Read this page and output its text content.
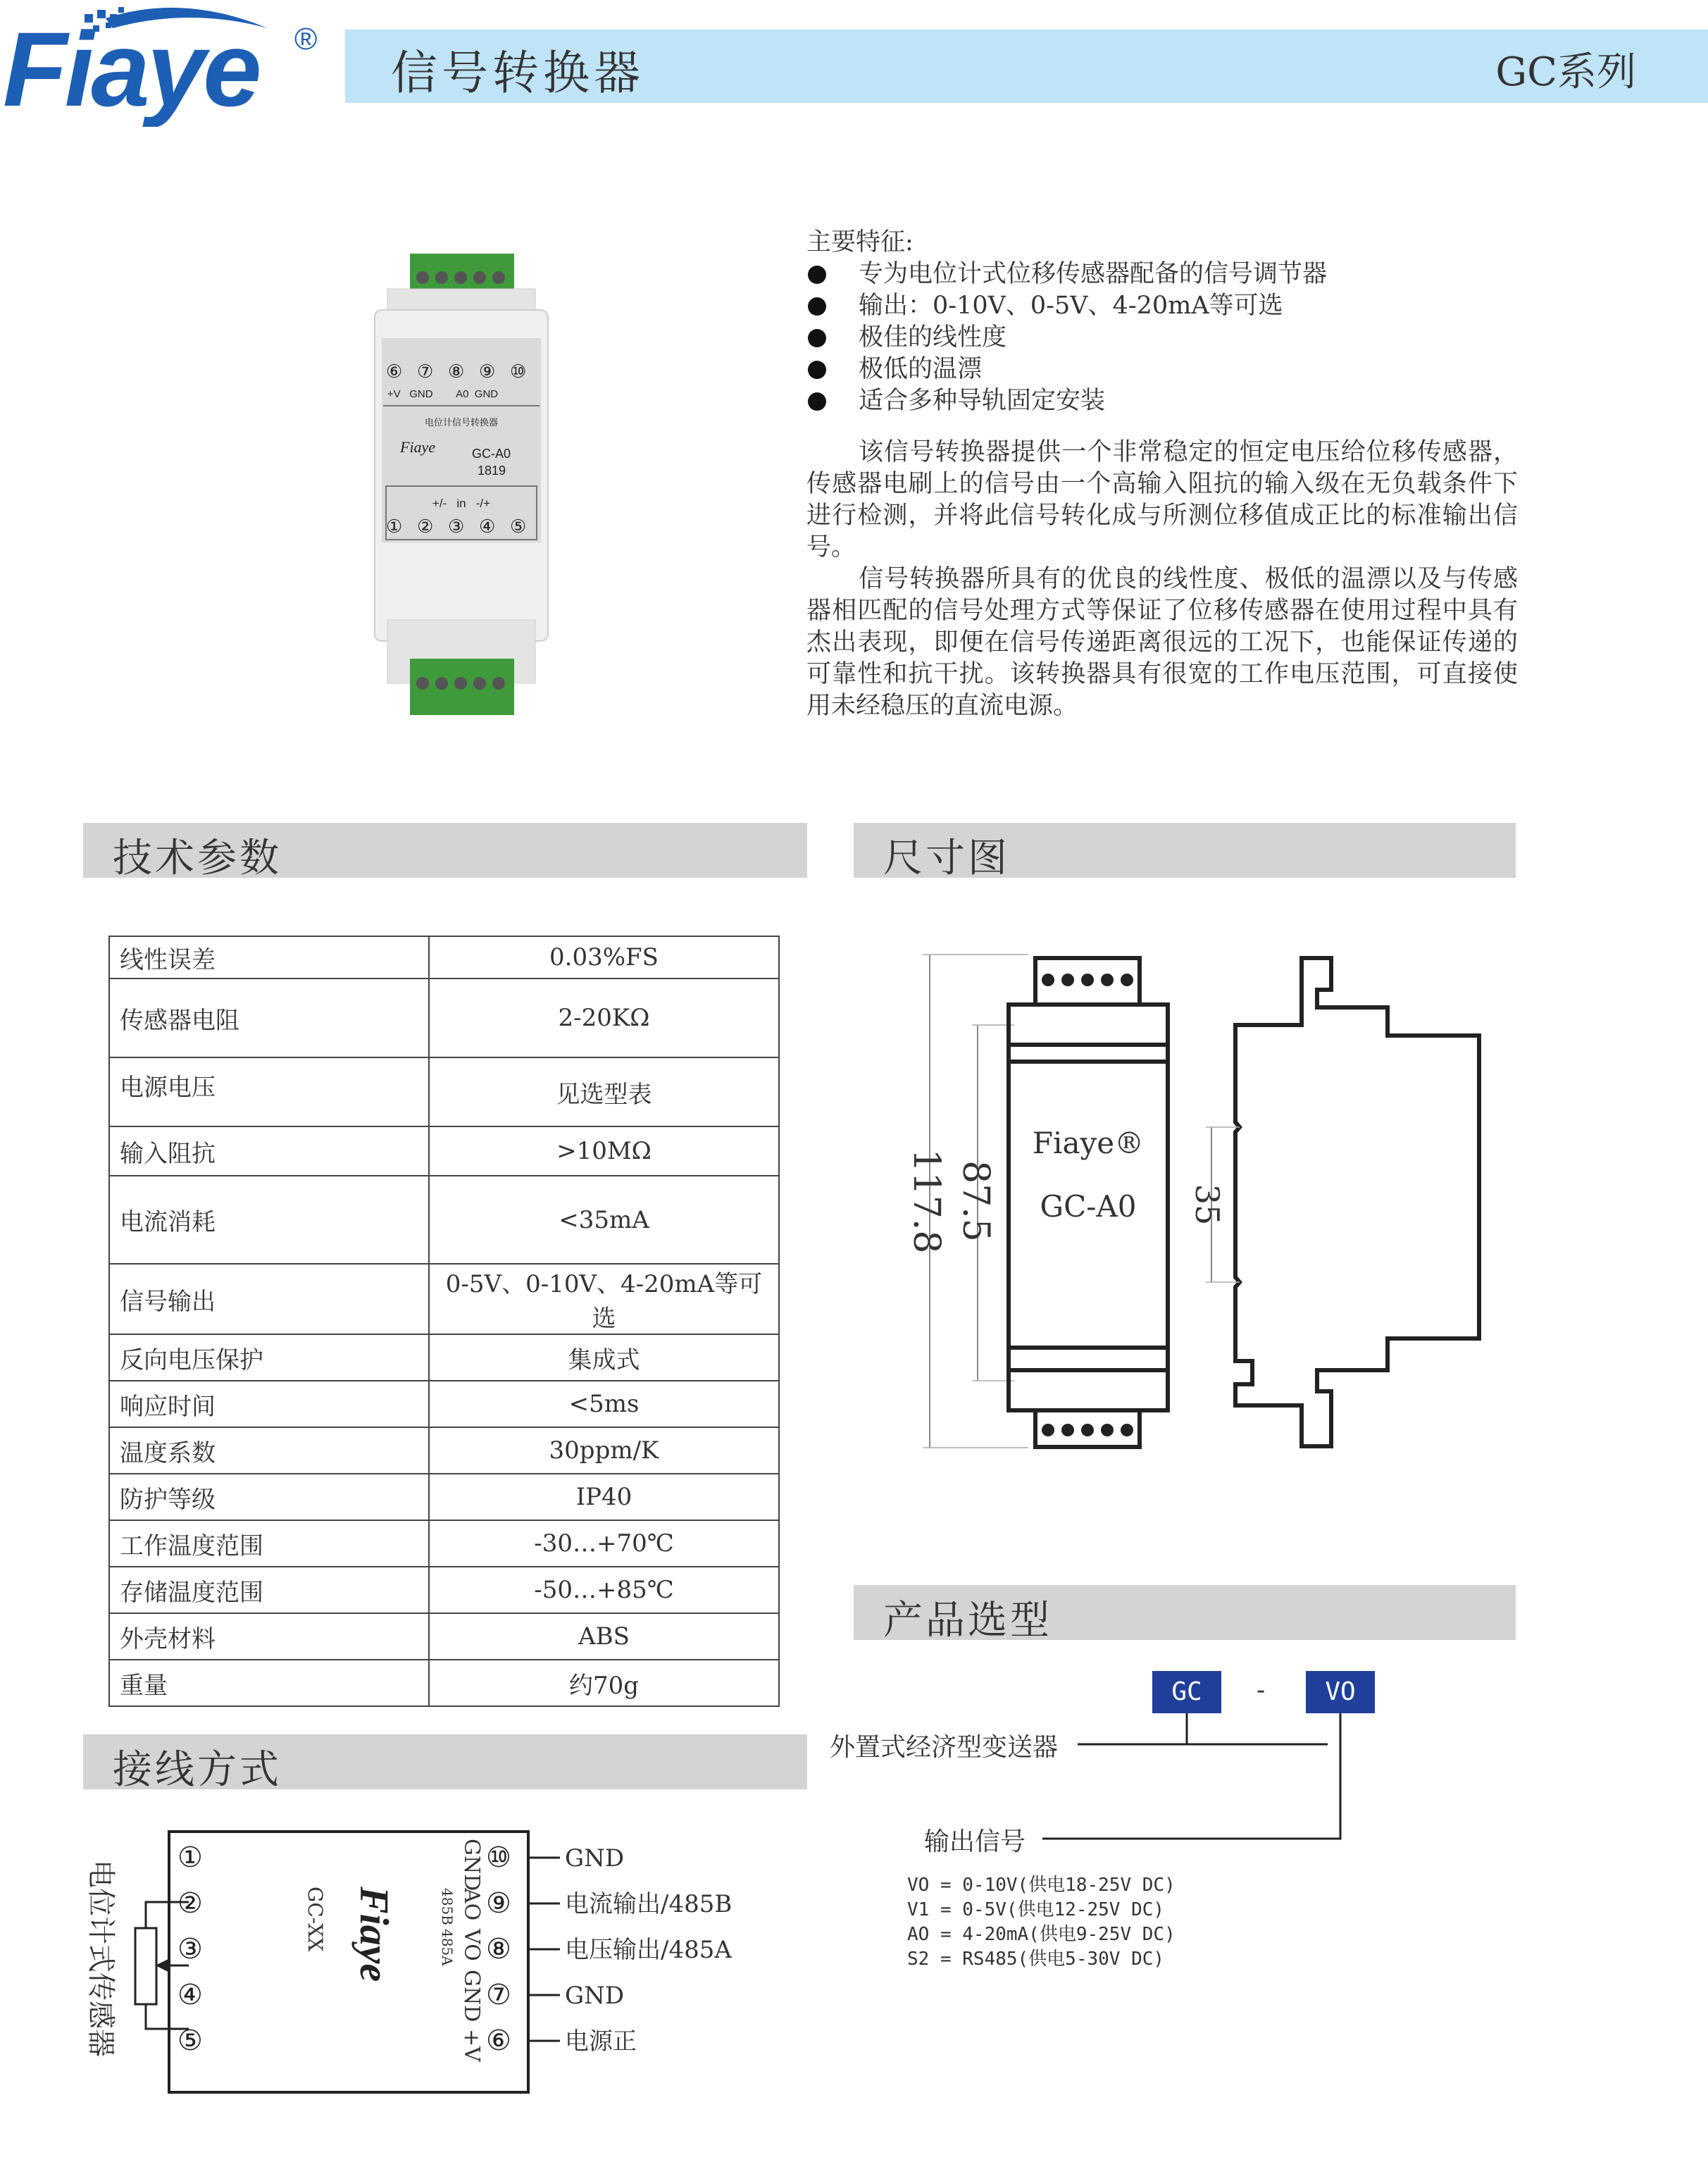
Fiaye ®
信号转换器	GC系列
⑥ ⑦ ⑧ ⑨ ⑩
+V   GND        A0  GND
电位计信号转换器
Fiaye	GC-A0
1819
+/-   in   -/+
① ② ③ ④ ⑤

主要特征:

专为电位计式位移传感器配备的信号调节器
输出：0-10V、0-5V、4-20mA等可选
极佳的线性度
极低的温漂
适合多种导轨固定安装

该信号转换器提供一个非常稳定的恒定电压给位移传感器，传感器电刷上的信号由一个高输入阻抗的输入级在无负载条件下进行检测，并将此信号转化成与所测位移值成正比的标准输出信号。

信号转换器所具有的优良的线性度、极低的温漂以及与传感器相匹配的信号处理方式等保证了位移传感器在使用过程中具有杰出表现，即便在信号传递距离很远的工况下，也能保证传递的可靠性和抗干扰。该转换器具有很宽的工作电压范围，可直接使用未经稳压的直流电源。

技术参数	尺寸图
产品选型
接线方式
线性误差	0.03%FS
传感器电阻	2-20KΩ
电源电压	见选型表
输入阻抗	>10MΩ
电流消耗	<35mA
信号输出	0-5V、0-10V、4-20mA等可选
反向电压保护	集成式
响应时间	<5ms
温度系数	30ppm/K
防护等级	IP40
工作温度范围	-30…+70℃
存储温度范围	-50…+85℃
外壳材料	ABS
重量	约70g
117.8 87.5
Fiaye®
GC-A0 35
GC	-	VO
外置式经济型变送器
输出信号
VO = 0-10V(供电18-25V DC)
V1 = 0-5V(供电12-25V DC)
AO = 4-20mA(供电9-25V DC)
S2 = RS485(供电5-30V DC)
电位计式传感器
①
②
③
④
⑤
Fiaye
GC-XX
GND
AO
VO
GND
+V
485B
485A
⑩
⑨
⑧
⑦
⑥
GND
电流输出/485B
电压输出/485A
GND
电源正
